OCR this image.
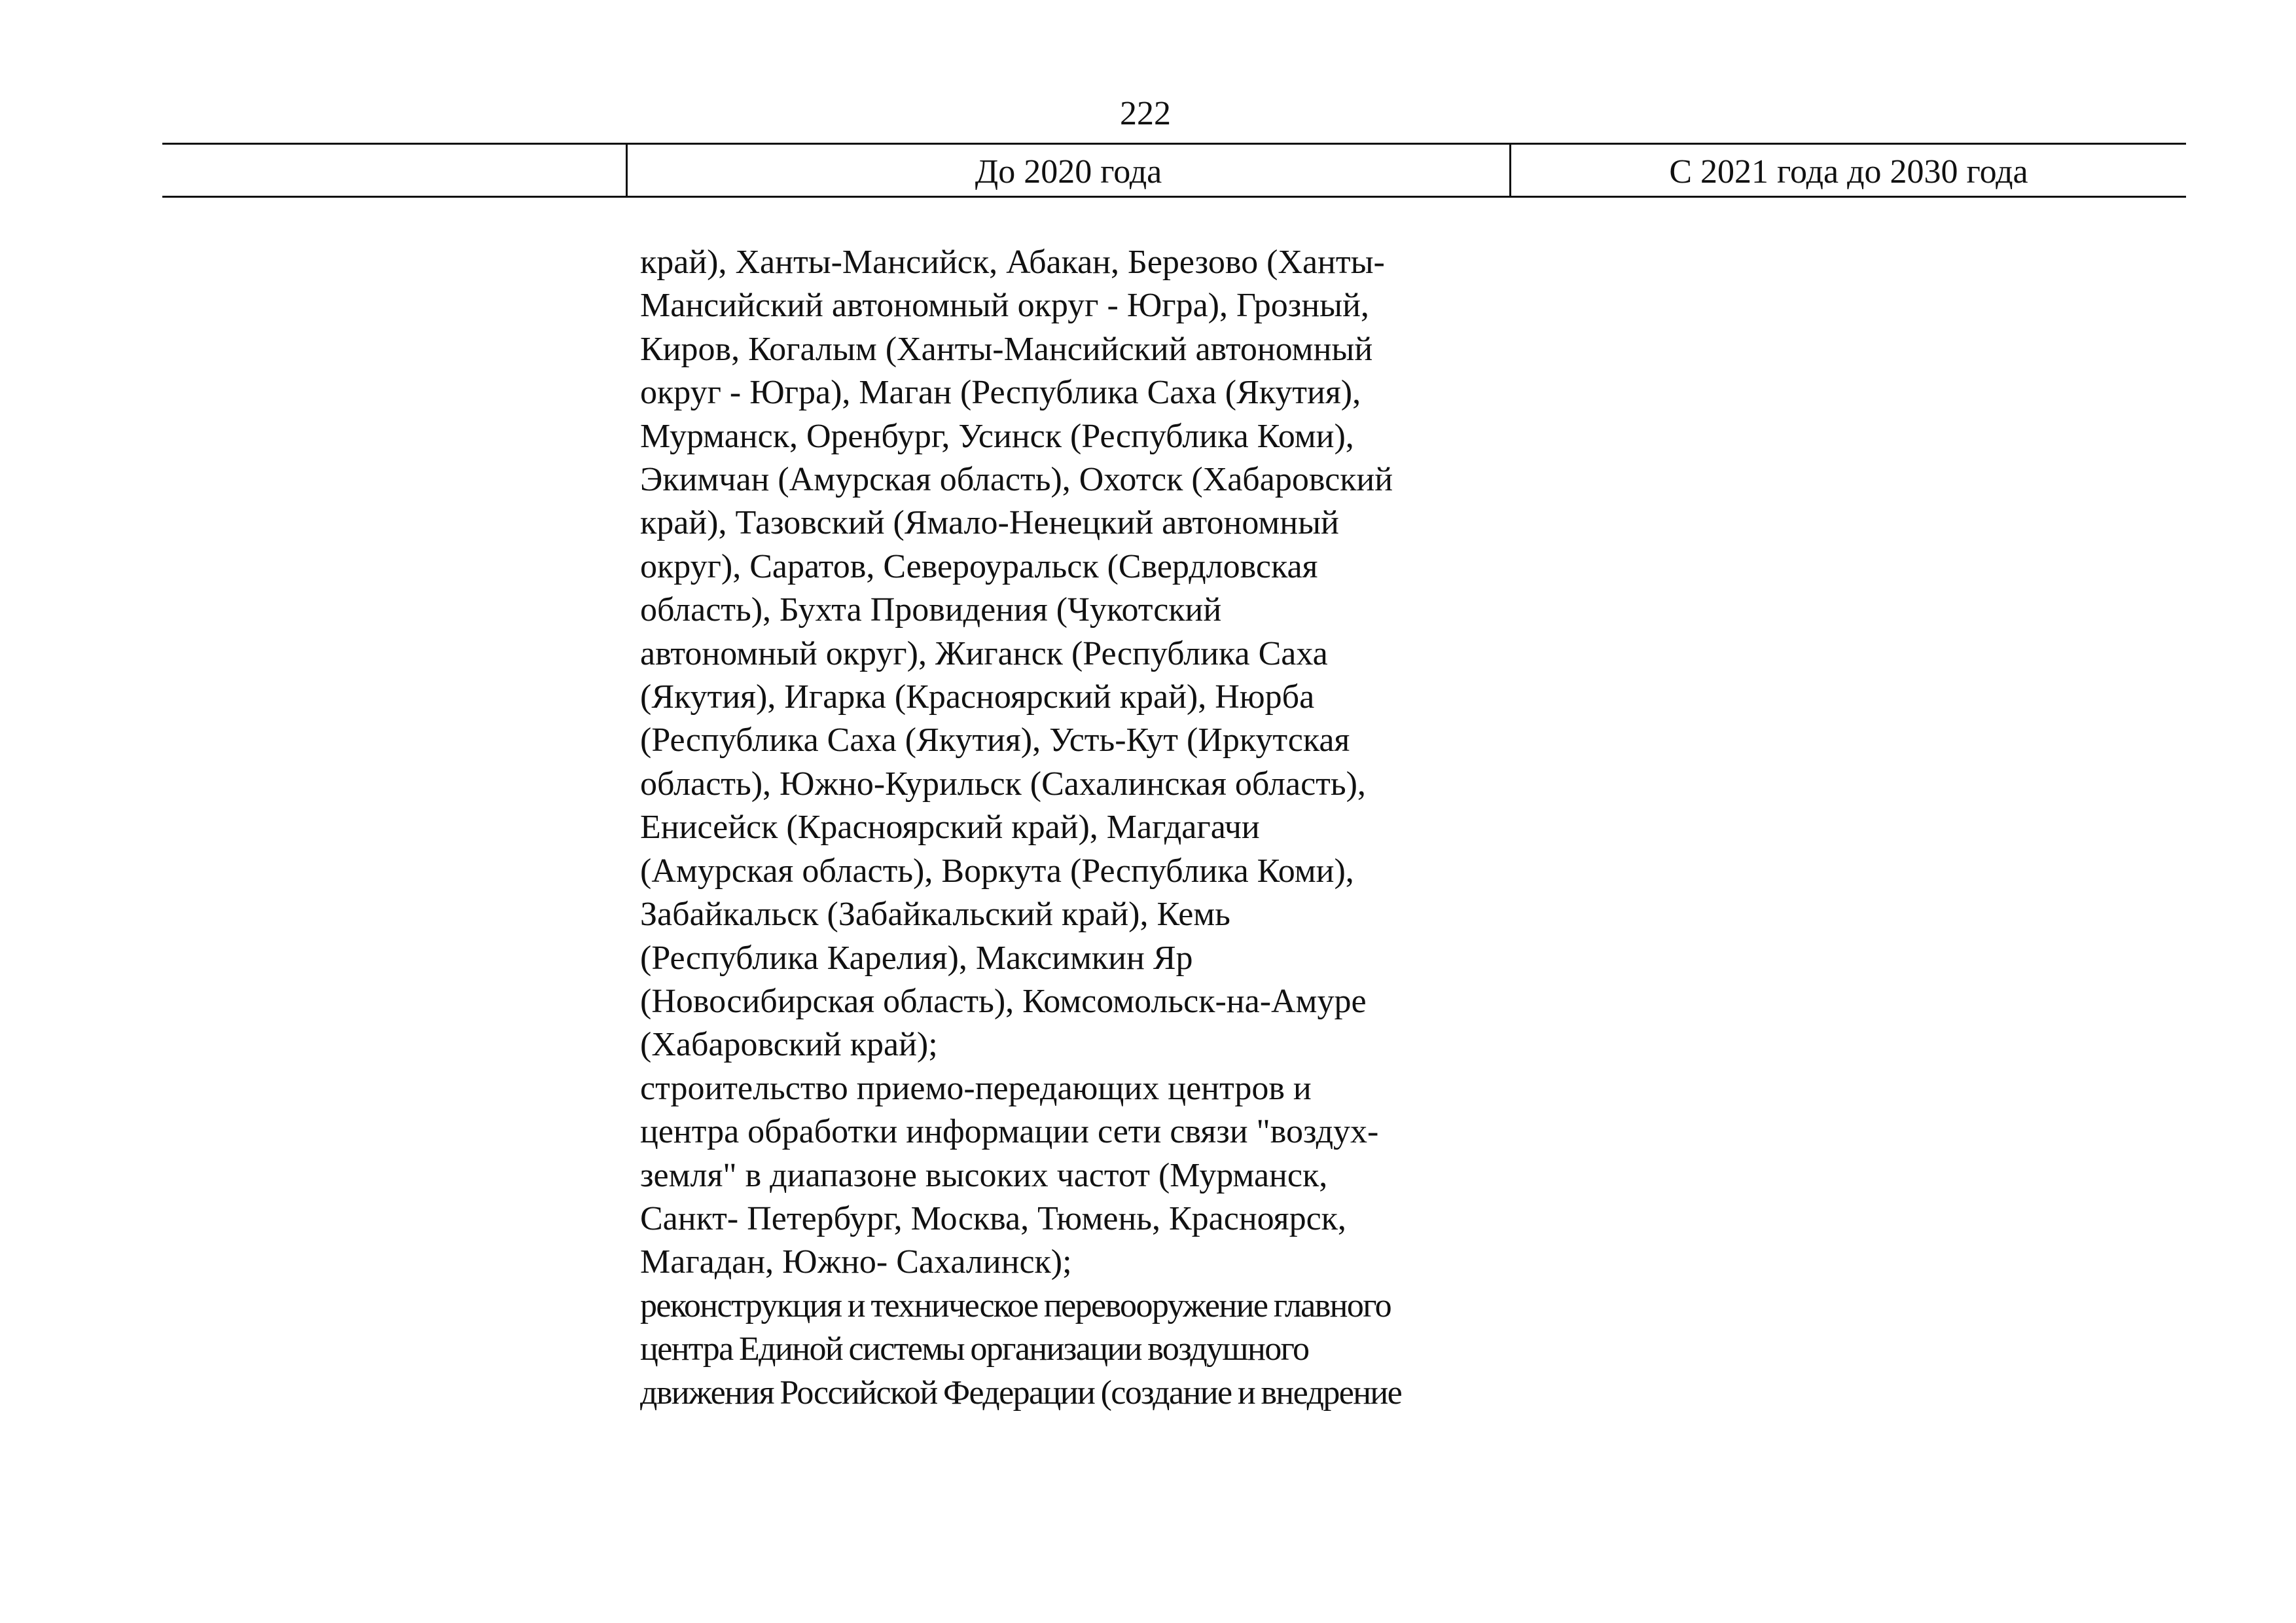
222
До 2020 года	С 2021 года до 2030 года
край), Ханты-Мансийск, Абакан, Березово (Ханты-
Мансийский автономный округ - Югра), Грозный,
Киров, Когалым (Ханты-Мансийский автономный
округ - Югра), Маган (Республика Саха (Якутия),
Мурманск, Оренбург, Усинск (Республика Коми),
Экимчан (Амурская область), Охотск (Хабаровский
край), Тазовский (Ямало-Ненецкий автономный
округ), Саратов, Североуральск (Свердловская
область), Бухта Провидения (Чукотский
автономный округ), Жиганск (Республика Саха
(Якутия), Игарка (Красноярский край), Нюрба
(Республика Саха (Якутия), Усть-Кут (Иркутская
область), Южно-Курильск (Сахалинская область),
Енисейск (Красноярский край), Магдагачи
(Амурская область), Воркута (Республика Коми),
Забайкальск (Забайкальский край), Кемь
(Республика Карелия), Максимкин Яр
(Новосибирская область), Комсомольск-на-Амуре
(Хабаровский край);
строительство приемо-передающих центров и
центра обработки информации сети связи "воздух-
земля" в диапазоне высоких частот (Мурманск,
Санкт- Петербург, Москва, Тюмень, Красноярск,
Магадан, Южно- Сахалинск);
реконструкция и техническое перевооружение главного
центра Единой системы организации воздушного
движения Российской Федерации (создание и внедрение
